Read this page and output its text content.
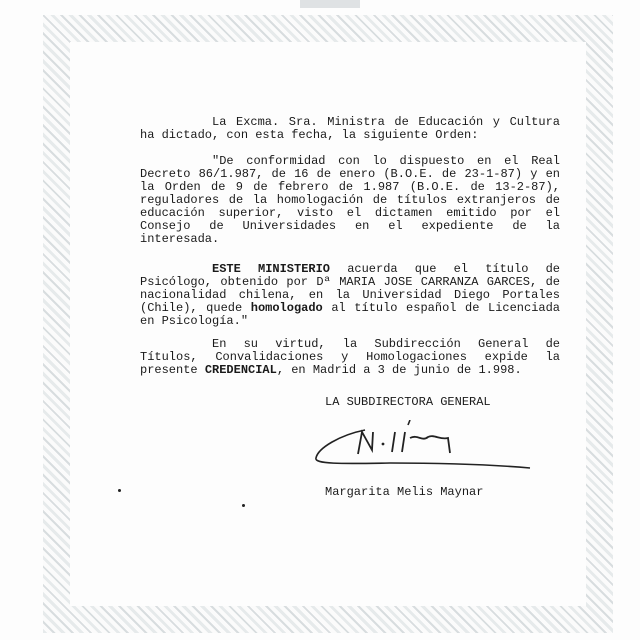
La Excma. Sra. Ministra de Educación y Cultura
ha dictado, con esta fecha, la siguiente Orden:
"De conformidad con lo dispuesto en el Real
Decreto 86/1.987, de 16 de enero (B.O.E. de 23-1-87) y en
la Orden de 9 de febrero de 1.987 (B.O.E. de 13-2-87),
reguladores de la homologación de títulos extranjeros de
educación superior, visto el dictamen emitido por el
Consejo de Universidades en el expediente de la
interesada.
ESTE MINISTERIO acuerda que el título de
Psicólogo, obtenido por Dª MARIA JOSE CARRANZA GARCES, de
nacionalidad chilena, en la Universidad Diego Portales
(Chile), quede homologado al título español de Licenciada
en Psicología."
En su virtud, la Subdirección General de
Títulos, Convalidaciones y Homologaciones expide la
presente CREDENCIAL, en Madrid a 3 de junio de 1.998.
LA SUBDIRECTORA GENERAL
Margarita Melis Maynar
